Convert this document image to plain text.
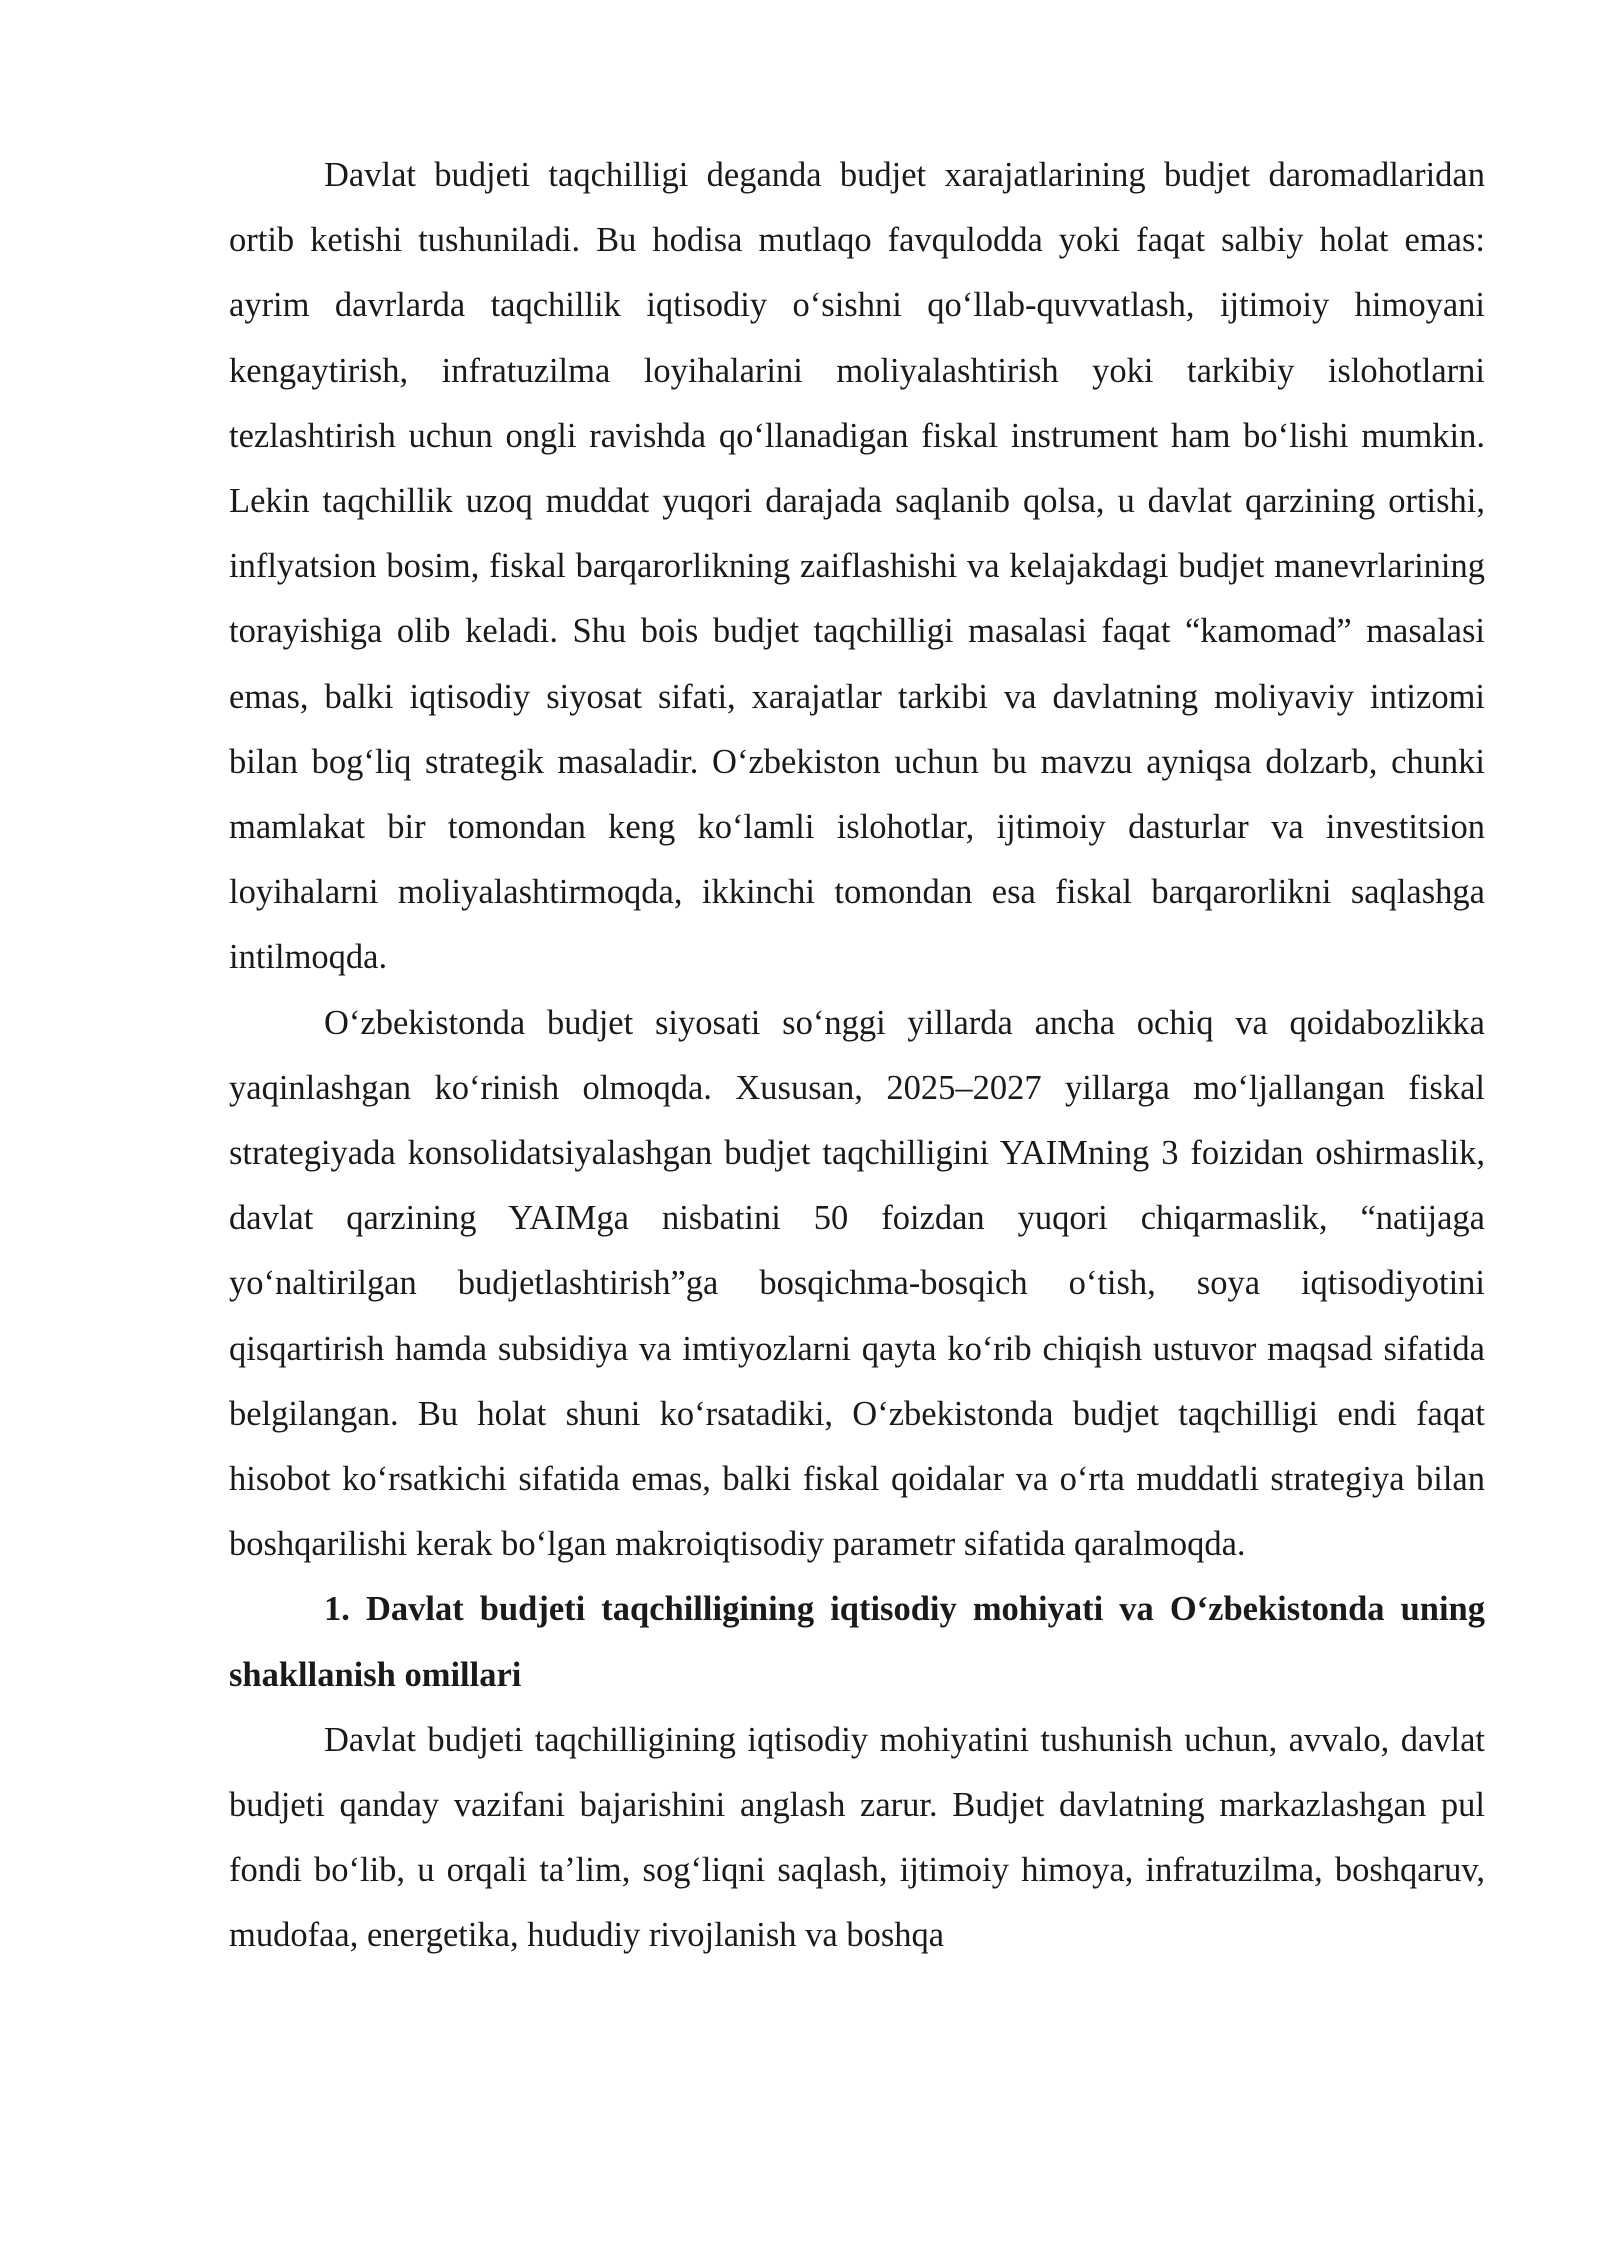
Davlat budjeti taqchilligi deganda budjet xarajatlarining budjet daromadlaridan ortib ketishi tushuniladi. Bu hodisa mutlaqo favqulodda yoki faqat salbiy holat emas: ayrim davrlarda taqchillik iqtisodiy oʻsishni qoʻllab-quvvatlash, ijtimoiy himoyani kengaytirish, infratuzilma loyihalarini moliyalashtirish yoki tarkibiy islohotlarni tezlashtirish uchun ongli ravishda qoʻllanadigan fiskal instrument ham boʻlishi mumkin. Lekin taqchillik uzoq muddat yuqori darajada saqlanib qolsa, u davlat qarzining ortishi, inflyatsion bosim, fiskal barqarorlikning zaiflashishi va kelajakdagi budjet manevrlarining torayishiga olib keladi. Shu bois budjet taqchilligi masalasi faqat “kamomad” masalasi emas, balki iqtisodiy siyosat sifati, xarajatlar tarkibi va davlatning moliyaviy intizomi bilan bogʻliq strategik masaladir. Oʻzbekiston uchun bu mavzu ayniqsa dolzarb, chunki mamlakat bir tomondan keng koʻlamli islohotlar, ijtimoiy dasturlar va investitsion loyihalarni moliyalashtirmoqda, ikkinchi tomondan esa fiskal barqarorlikni saqlashga intilmoqda.

Oʻzbekistonda budjet siyosati soʻnggi yillarda ancha ochiq va qoidabozlikka yaqinlashgan koʻrinish olmoqda. Xususan, 2025–2027 yillarga moʻljallangan fiskal strategiyada konsolidatsiyalashgan budjet taqchilligini YAIMning 3 foizidan oshirmaslik, davlat qarzining YAIMga nisbatini 50 foizdan yuqori chiqarmaslik, “natijaga yoʻnaltirilgan budjetlashtirish”ga bosqichma-bosqich oʻtish, soya iqtisodiyotini qisqartirish hamda subsidiya va imtiyozlarni qayta koʻrib chiqish ustuvor maqsad sifatida belgilangan. Bu holat shuni koʻrsatadiki, Oʻzbekistonda budjet taqchilligi endi faqat hisobot koʻrsatkichi sifatida emas, balki fiskal qoidalar va oʻrta muddatli strategiya bilan boshqarilishi kerak boʻlgan makroiqtisodiy parametr sifatida qaralmoqda.

1. Davlat budjeti taqchilligining iqtisodiy mohiyati va Oʻzbekistonda uning shakllanish omillari

Davlat budjeti taqchilligining iqtisodiy mohiyatini tushunish uchun, avvalo, davlat budjeti qanday vazifani bajarishini anglash zarur. Budjet davlatning markazlashgan pul fondi boʻlib, u orqali taʼlim, sogʻliqni saqlash, ijtimoiy himoya, infratuzilma, boshqaruv, mudofaa, energetika, hududiy rivojlanish va boshqa
